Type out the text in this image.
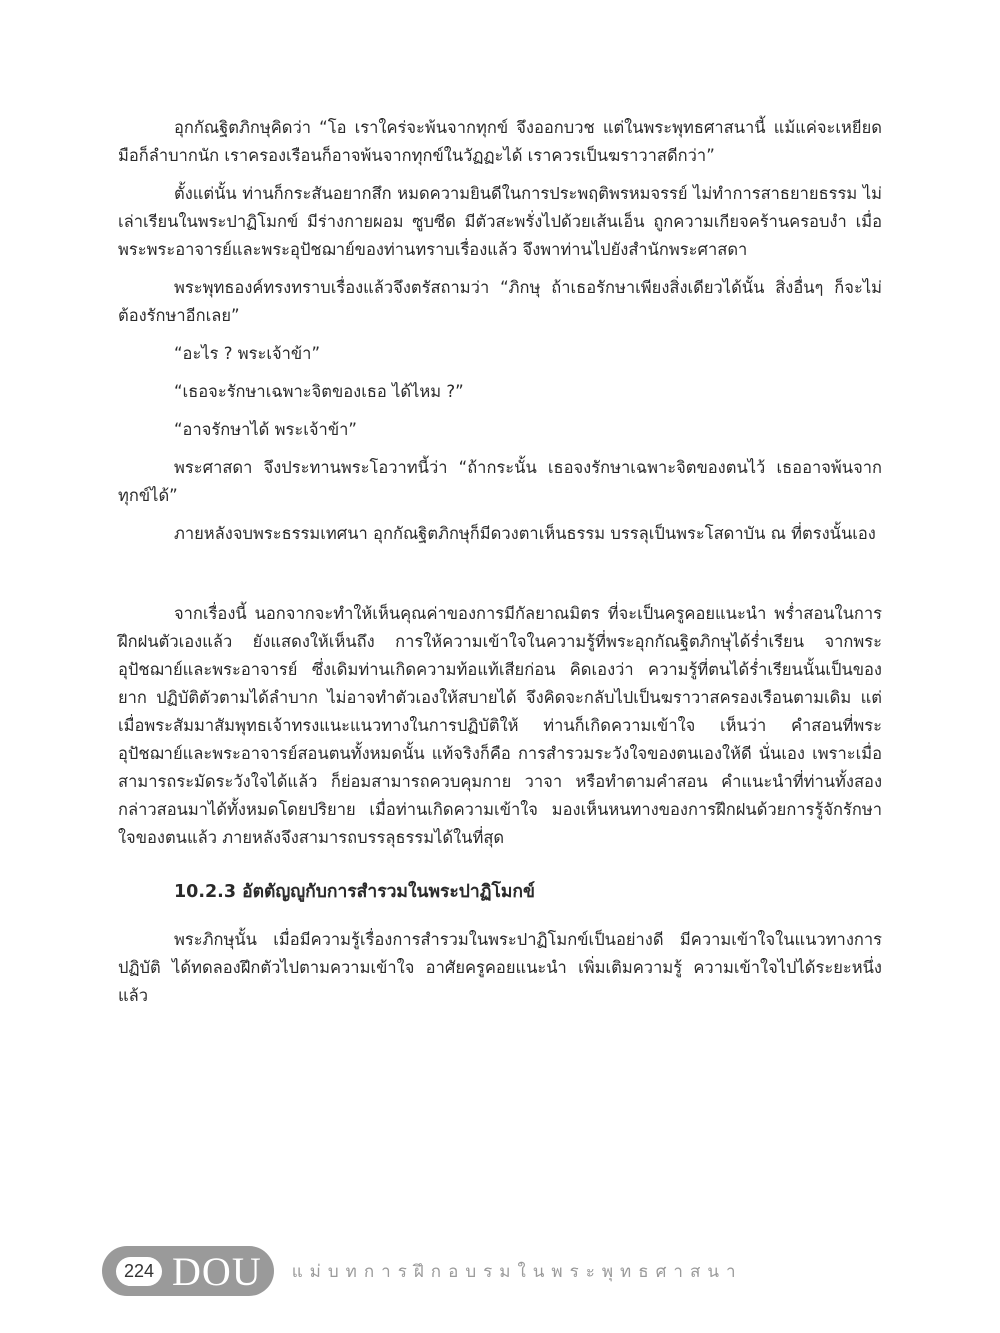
อุกกัณฐิตภิกษุคิดว่า “โอ เราใคร่จะพ้นจากทุกข์ จึงออกบวช แต่ในพระพุทธศาสนานี้ แม้แค่จะเหยียดมือก็ลำบากนัก เราครองเรือนก็อาจพ้นจากทุกข์ในวัฏฏะได้ เราควรเป็นฆราวาสดีกว่า”

ตั้งแต่นั้น ท่านก็กระสันอยากสึก หมดความยินดีในการประพฤติพรหมจรรย์ ไม่ทำการสาธยายธรรม ไม่เล่าเรียนในพระปาฏิโมกข์ มีร่างกายผอม ซูบซีด มีตัวสะพรั่งไปด้วยเส้นเอ็น ถูกความเกียจคร้านครอบงำ เมื่อพระพระอาจารย์และพระอุปัชฌาย์ของท่านทราบเรื่องแล้ว จึงพาท่านไปยังสำนักพระศาสดา

พระพุทธองค์ทรงทราบเรื่องแล้วจึงตรัสถามว่า “ภิกษุ ถ้าเธอรักษาเพียงสิ่งเดียวได้นั้น สิ่งอื่นๆ ก็จะไม่ต้องรักษาอีกเลย”

“อะไร ? พระเจ้าข้า”

“เธอจะรักษาเฉพาะจิตของเธอ ได้ไหม ?”

“อาจรักษาได้ พระเจ้าข้า”

พระศาสดา จึงประทานพระโอวาทนี้ว่า “ถ้ากระนั้น เธอจงรักษาเฉพาะจิตของตนไว้ เธออาจพ้นจากทุกข์ได้”

ภายหลังจบพระธรรมเทศนา อุกกัณฐิตภิกษุก็มีดวงตาเห็นธรรม บรรลุเป็นพระโสดาบัน ณ ที่ตรงนั้นเอง

จากเรื่องนี้ นอกจากจะทำให้เห็นคุณค่าของการมีกัลยาณมิตร ที่จะเป็นครูคอยแนะนำ พร่ำสอนในการฝึกฝนตัวเองแล้ว ยังแสดงให้เห็นถึง การให้ความเข้าใจในความรู้ที่พระอุกกัณฐิตภิกษุได้ร่ำเรียน จากพระอุปัชฌาย์และพระอาจารย์ ซึ่งเดิมท่านเกิดความท้อแท้เสียก่อน คิดเองว่า ความรู้ที่ตนได้ร่ำเรียนนั้นเป็นของยาก ปฏิบัติตัวตามได้ลำบาก ไม่อาจทำตัวเองให้สบายได้ จึงคิดจะกลับไปเป็นฆราวาสครองเรือนตามเดิม แต่เมื่อพระสัมมาสัมพุทธเจ้าทรงแนะแนวทางในการปฏิบัติให้ ท่านก็เกิดความเข้าใจ เห็นว่า คำสอนที่พระอุปัชฌาย์และพระอาจารย์สอนตนทั้งหมดนั้น แท้จริงก็คือ การสำรวมระวังใจของตนเองให้ดี นั่นเอง เพราะเมื่อสามารถระมัดระวังใจได้แล้ว ก็ย่อมสามารถควบคุมกาย วาจา หรือทำตามคำสอน คำแนะนำที่ท่านทั้งสองกล่าวสอนมาได้ทั้งหมดโดยปริยาย เมื่อท่านเกิดความเข้าใจ มองเห็นหนทางของการฝึกฝนด้วยการรู้จักรักษาใจของตนแล้ว ภายหลังจึงสามารถบรรลุธรรมได้ในที่สุด

10.2.3 อัตตัญญูกับการสำรวมในพระปาฏิโมกข์

พระภิกษุนั้น เมื่อมีความรู้เรื่องการสำรวมในพระปาฏิโมกข์เป็นอย่างดี มีความเข้าใจในแนวทางการปฏิบัติ ได้ทดลองฝึกตัวไปตามความเข้าใจ อาศัยครูคอยแนะนำ เพิ่มเติมความรู้ ความเข้าใจไปได้ระยะหนึ่งแล้ว

224 DOU แม่บทการฝึกอบรมในพระพุทธศาสนา
